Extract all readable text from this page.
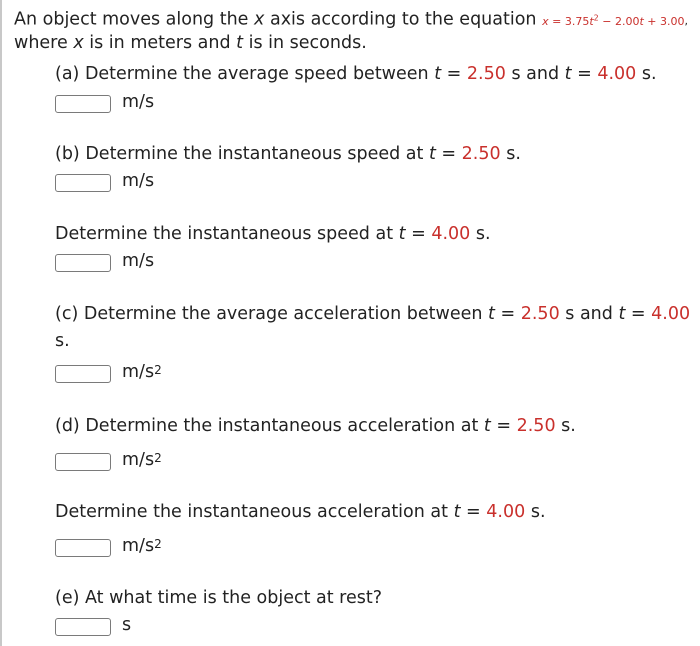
An object moves along the x axis according to the equation $x = 3.75t^2 - 2.00t + 3.00$,
where x is in meters and t is in seconds.
(a) Determine the average speed between t = 2.50 s and t = 4.00 s.
m/s
(b) Determine the instantaneous speed at t = 2.50 s.
m/s
Determine the instantaneous speed at t = 4.00 s.
m/s
(c) Determine the average acceleration between t = 2.50 s and t = 4.00
s.
$m/s^2$
(d) Determine the instantaneous acceleration at t = 2.50 s.
$m/s^2$
Determine the instantaneous acceleration at t = 4.00 s.
$m/s^2$
(e) At what time is the object at rest?
s
